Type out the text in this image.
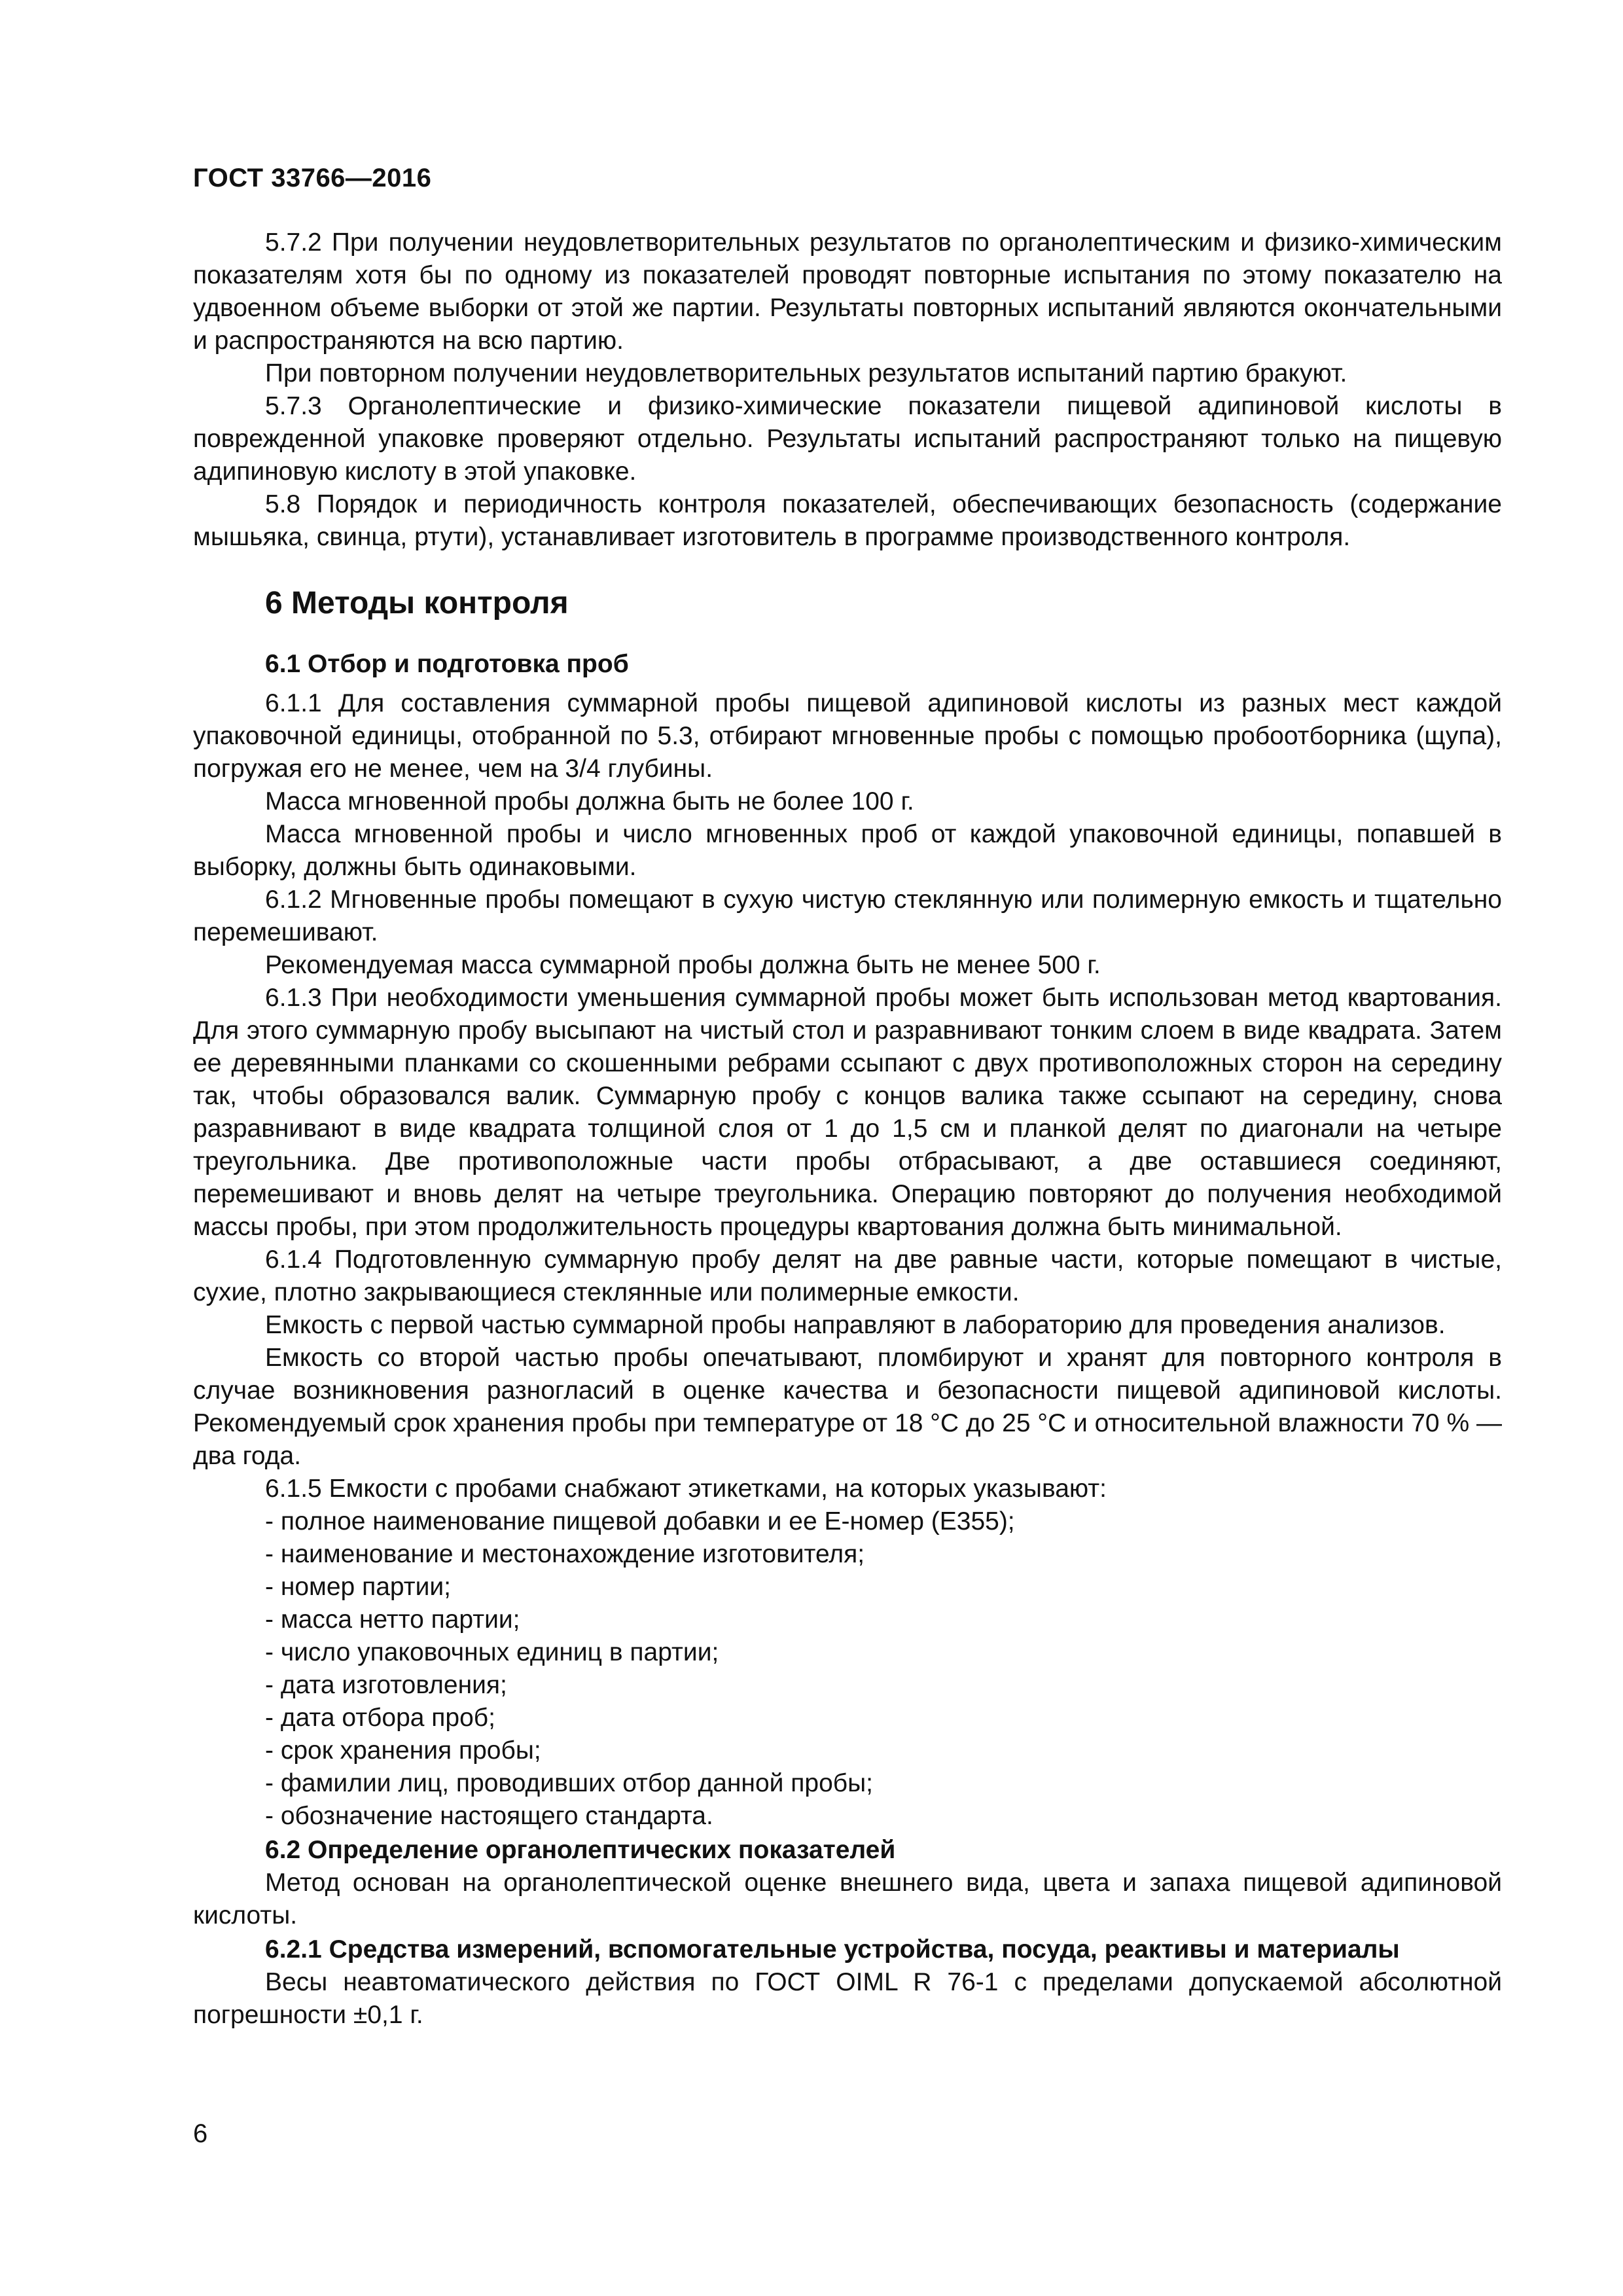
ГОСТ 33766—2016

5.7.2 При получении неудовлетворительных результатов по органолептическим и физико-химическим показателям хотя бы по одному из показателей проводят повторные испытания по этому показателю на удвоенном объеме выборки от этой же партии. Результаты повторных испытаний являются окончательными и распространяются на всю партию.

При повторном получении неудовлетворительных результатов испытаний партию бракуют.

5.7.3 Органолептические и физико-химические показатели пищевой адипиновой кислоты в поврежденной упаковке проверяют отдельно. Результаты испытаний распространяют только на пищевую адипиновую кислоту в этой упаковке.

5.8 Порядок и периодичность контроля показателей, обеспечивающих безопасность (содержание мышьяка, свинца, ртути), устанавливает изготовитель в программе производственного контроля.

6 Методы контроля
6.1 Отбор и подготовка проб

6.1.1 Для составления суммарной пробы пищевой адипиновой кислоты из разных мест каждой упаковочной единицы, отобранной по 5.3, отбирают мгновенные пробы с помощью пробоотборника (щупа), погружая его не менее, чем на 3/4 глубины.

Масса мгновенной пробы должна быть не более 100 г.

Масса мгновенной пробы и число мгновенных проб от каждой упаковочной единицы, попавшей в выборку, должны быть одинаковыми.

6.1.2 Мгновенные пробы помещают в сухую чистую стеклянную или полимерную емкость и тщательно перемешивают.

Рекомендуемая масса суммарной пробы должна быть не менее 500 г.

6.1.3 При необходимости уменьшения суммарной пробы может быть использован метод квартования. Для этого суммарную пробу высыпают на чистый стол и разравнивают тонким слоем в виде квадрата. Затем ее деревянными планками со скошенными ребрами ссыпают с двух противоположных сторон на середину так, чтобы образовался валик. Суммарную пробу с концов валика также ссыпают на середину, снова разравнивают в виде квадрата толщиной слоя от 1 до 1,5 см и планкой делят по диагонали на четыре треугольника. Две противоположные части пробы отбрасывают, а две оставшиеся соединяют, перемешивают и вновь делят на четыре треугольника. Операцию повторяют до получения необходимой массы пробы, при этом продолжительность процедуры квартования должна быть минимальной.

6.1.4 Подготовленную суммарную пробу делят на две равные части, которые помещают в чистые, сухие, плотно закрывающиеся стеклянные или полимерные емкости.

Емкость с первой частью суммарной пробы направляют в лабораторию для проведения анализов.

Емкость со второй частью пробы опечатывают, пломбируют и хранят для повторного контроля в случае возникновения разногласий в оценке качества и безопасности пищевой адипиновой кислоты. Рекомендуемый срок хранения пробы при температуре от 18 °С до 25 °С и относительной влажности 70 % — два года.

6.1.5 Емкости с пробами снабжают этикетками, на которых указывают:

- полное наименование пищевой добавки и ее Е-номер (Е355);

- наименование и местонахождение изготовителя;

- номер партии;

- масса нетто партии;

- число упаковочных единиц в партии;

- дата изготовления;

- дата отбора проб;

- срок хранения пробы;

- фамилии лиц, проводивших отбор данной пробы;

- обозначение настоящего стандарта.

6.2 Определение органолептических показателей

Метод основан на органолептической оценке внешнего вида, цвета и запаха пищевой адипиновой кислоты.

6.2.1 Средства измерений, вспомогательные устройства, посуда, реактивы и материалы

Весы неавтоматического действия по ГОСТ OIML R 76-1 с пределами допускаемой абсолютной погрешности ±0,1 г.

6
